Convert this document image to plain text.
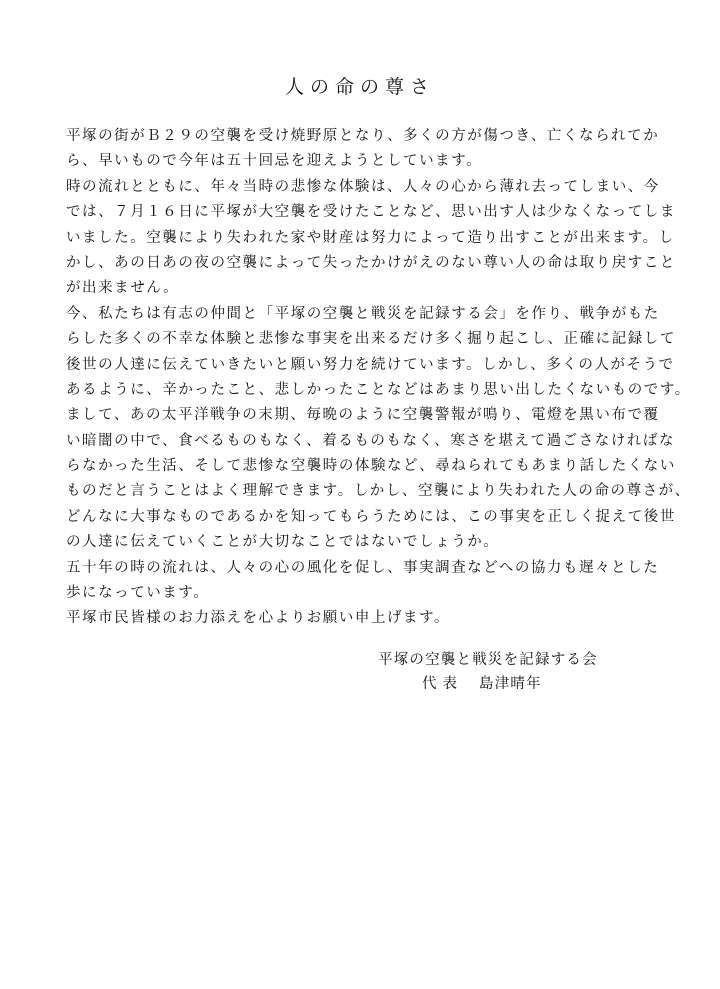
人の命の尊さ

平塚の街がＢ２９の空襲を受け焼野原となり、多くの方が傷つき、亡くなられてか

ら、早いもので今年は五十回忌を迎えようとしています。

時の流れとともに、年々当時の悲惨な体験は、人々の心から薄れ去ってしまい、今

では、７月１６日に平塚が大空襲を受けたことなど、思い出す人は少なくなってしま

いました。空襲により失われた家や財産は努力によって造り出すことが出来ます。し

かし、あの日あの夜の空襲によって失ったかけがえのない尊い人の命は取り戻すこと

が出来ません。

今、私たちは有志の仲間と「平塚の空襲と戦災を記録する会」を作り、戦争がもた

らした多くの不幸な体験と悲惨な事実を出来るだけ多く掘り起こし、正確に記録して

後世の人達に伝えていきたいと願い努力を続けています。しかし、多くの人がそうで

あるように、辛かったこと、悲しかったことなどはあまり思い出したくないものです。

まして、あの太平洋戦争の末期、毎晩のように空襲警報が鳴り、電燈を黒い布で覆

い暗闇の中で、食べるものもなく、着るものもなく、寒さを堪えて過ごさなければな

らなかった生活、そして悲惨な空襲時の体験など、尋ねられてもあまり話したくない

ものだと言うことはよく理解できます。しかし、空襲により失われた人の命の尊さが、

どんなに大事なものであるかを知ってもらうためには、この事実を正しく捉えて後世

の人達に伝えていくことが大切なことではないでしょうか。

五十年の時の流れは、人々の心の風化を促し、事実調査などへの協力も遅々とした

歩になっています。

平塚市民皆様のお力添えを心よりお願い申上げます。

平塚の空襲と戦災を記録する会

代表 島津晴年
